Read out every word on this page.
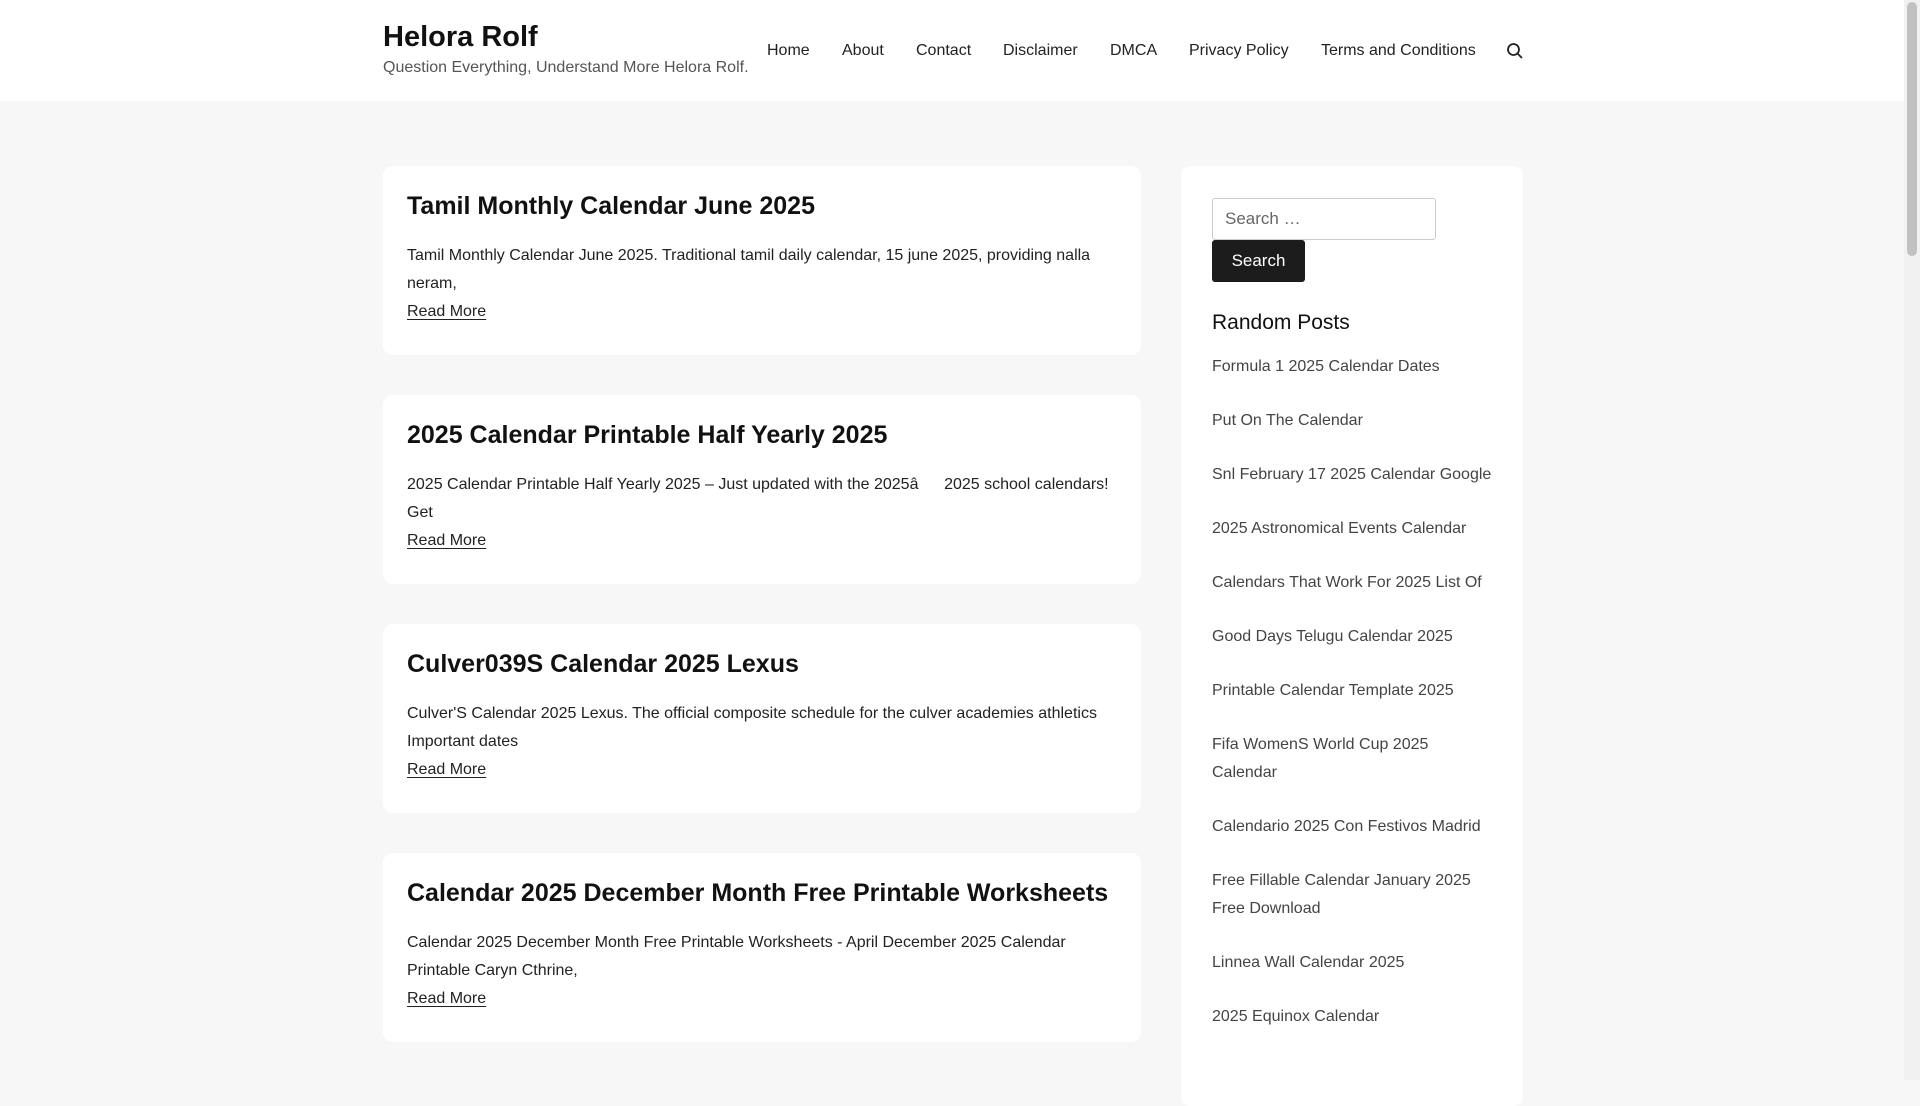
Helora Rolf
Question Everything, Understand More Helora Rolf.
Home About Contact Disclaimer DMCA Privacy Policy Terms and Conditions
Tamil Monthly Calendar June 2025

Tamil Monthly Calendar June 2025. Traditional tamil daily calendar, 15 june 2025, providing nalla neram,

Read More
2025 Calendar Printable Half Yearly 2025

2025 Calendar Printable Half Yearly 2025 – Just updated with the 2025â2025 school calendars! Get

Read More
Culver039S Calendar 2025 Lexus

Culver'S Calendar 2025 Lexus. The official composite schedule for the culver academies athletics Important dates

Read More
Calendar 2025 December Month Free Printable Worksheets

Calendar 2025 December Month Free Printable Worksheets - April December 2025 Calendar Printable Caryn Cthrine,

Read More
Search …
Search
Random Posts
Formula 1 2025 Calendar Dates
Put On The Calendar
Snl February 17 2025 Calendar Google
2025 Astronomical Events Calendar
Calendars That Work For 2025 List Of
Good Days Telugu Calendar 2025
Printable Calendar Template 2025
Fifa WomenS World Cup 2025 Calendar
Calendario 2025 Con Festivos Madrid
Free Fillable Calendar January 2025 Free Download
Linnea Wall Calendar 2025
2025 Equinox Calendar
